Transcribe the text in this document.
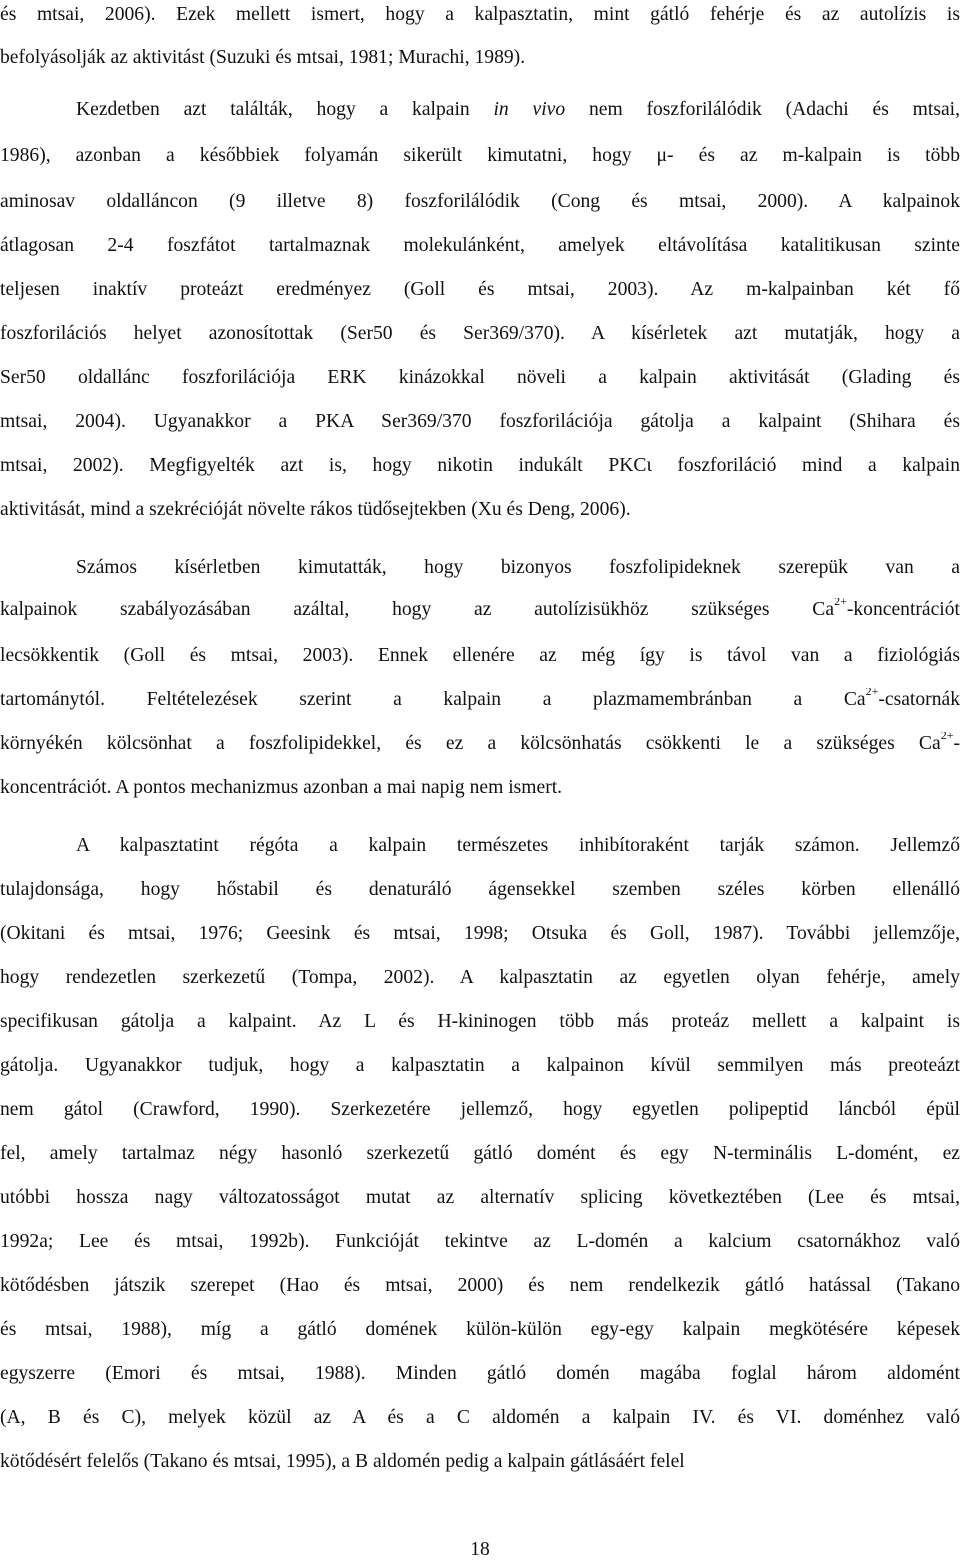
és mtsai, 2006). Ezek mellett ismert, hogy a kalpasztatin, mint gátló fehérje és az autolízis is
befolyásolják az aktivitást (Suzuki és mtsai, 1981; Murachi, 1989).
Kezdetben azt találták, hogy a kalpain in vivo nem foszforilálódik (Adachi és mtsai,
1986), azonban a későbbiek folyamán sikerült kimutatni, hogy μ- és az m-kalpain is több
aminosav oldalláncon (9 illetve 8) foszforilálódik (Cong és mtsai, 2000). A kalpainok
átlagosan 2-4 foszfátot tartalmaznak molekulánként, amelyek eltávolítása katalitikusan szinte
teljesen inaktív proteázt eredményez (Goll és mtsai, 2003). Az m-kalpainban két fő
foszforilációs helyet azonosítottak (Ser50 és Ser369/370). A kísérletek azt mutatják, hogy a
Ser50 oldallánc foszforilációja ERK kinázokkal növeli a kalpain aktivitását (Glading és
mtsai, 2004). Ugyanakkor a PKA Ser369/370 foszforilációja gátolja a kalpaint (Shihara és
mtsai, 2002). Megfigyelték azt is, hogy nikotin indukált PKCι foszforiláció mind a kalpain
aktivitását, mind a szekrécióját növelte rákos tüdősejtekben (Xu és Deng, 2006).
Számos kísérletben kimutatták, hogy bizonyos foszfolipideknek szerepük van a
kalpainok szabályozásában azáltal, hogy az autolízisükhöz szükséges $Ca^{2+}$-koncentrációt
lecsökkentik (Goll és mtsai, 2003). Ennek ellenére az még így is távol van a fiziológiás
tartománytól. Feltételezések szerint a kalpain a plazmamembránban a $Ca^{2+}$-csatornák
környékén kölcsönhat a foszfolipidekkel, és ez a kölcsönhatás csökkenti le a szükséges $Ca^{2+}-$
koncentrációt. A pontos mechanizmus azonban a mai napig nem ismert.
A kalpasztatint régóta a kalpain természetes inhibítoraként tarják számon. Jellemző
tulajdonsága, hogy hőstabil és denaturáló ágensekkel szemben széles körben ellenálló
(Okitani és mtsai, 1976; Geesink és mtsai, 1998; Otsuka és Goll, 1987). További jellemzője,
hogy rendezetlen szerkezetű (Tompa, 2002). A kalpasztatin az egyetlen olyan fehérje, amely
specifikusan gátolja a kalpaint. Az L és H-kininogen több más proteáz mellett a kalpaint is
gátolja. Ugyanakkor tudjuk, hogy a kalpasztatin a kalpainon kívül semmilyen más preoteázt
nem gátol (Crawford, 1990). Szerkezetére jellemző, hogy egyetlen polipeptid láncból épül
fel, amely tartalmaz négy hasonló szerkezetű gátló domént és egy N-terminális L-domént, ez
utóbbi hossza nagy változatosságot mutat az alternatív splicing következtében (Lee és mtsai,
1992a; Lee és mtsai, 1992b). Funkcióját tekintve az L-domén a kalcium csatornákhoz való
kötődésben játszik szerepet (Hao és mtsai, 2000) és nem rendelkezik gátló hatással (Takano
és mtsai, 1988), míg a gátló domének külön-külön egy-egy kalpain megkötésére képesek
egyszerre (Emori és mtsai, 1988). Minden gátló domén magába foglal három aldomént
(A, B és C), melyek közül az A és a C aldomén a kalpain IV. és VI. doménhez való
kötődésért felelős (Takano és mtsai, 1995), a B aldomén pedig a kalpain gátlásáért felel
18
